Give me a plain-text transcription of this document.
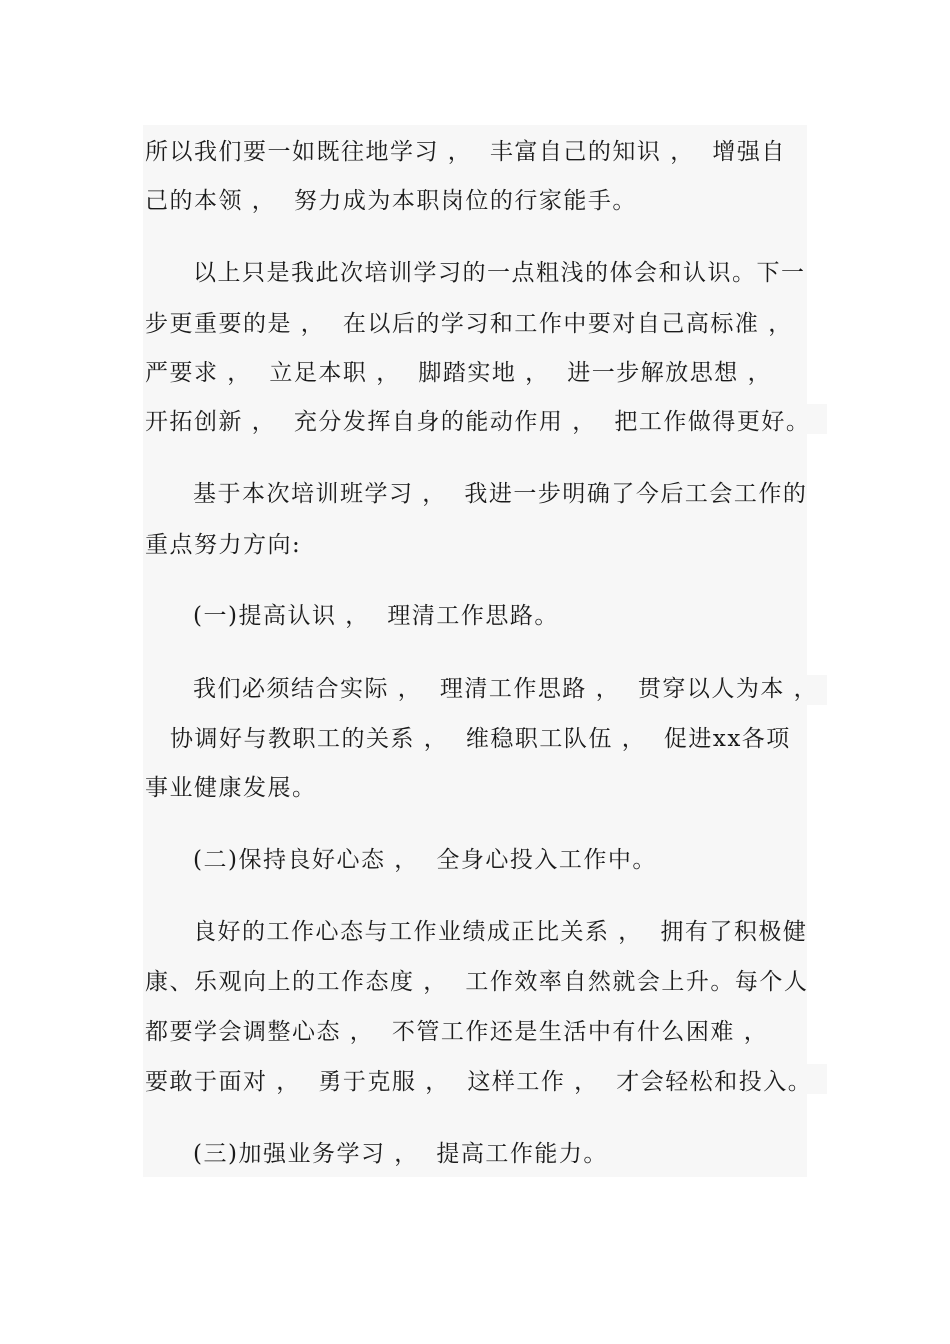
所以我们要一如既往地学习 ，  丰富自己的知识 ，  增强自
己的本领 ，  努力成为本职岗位的行家能手。
以上只是我此次培训学习的一点粗浅的体会和认识。下一
步更重要的是 ，  在以后的学习和工作中要对自己高标准 ，
严要求 ，  立足本职 ，  脚踏实地 ，  进一步解放思想 ，
开拓创新 ，  充分发挥自身的能动作用 ，  把工作做得更好。
基于本次培训班学习 ，  我进一步明确了今后工会工作的
重点努力方向:
(一)提高认识 ，  理清工作思路。
我们必须结合实际 ，  理清工作思路 ，  贯穿以人为本 ，
协调好与教职工的关系 ，  维稳职工队伍 ，  促进xx各项
事业健康发展。
(二)保持良好心态 ，  全身心投入工作中。
良好的工作心态与工作业绩成正比关系 ，  拥有了积极健
康、乐观向上的工作态度 ，  工作效率自然就会上升。每个人
都要学会调整心态 ，  不管工作还是生活中有什么困难 ，
要敢于面对 ，  勇于克服 ，  这样工作 ，  才会轻松和投入。
(三)加强业务学习 ，  提高工作能力。
